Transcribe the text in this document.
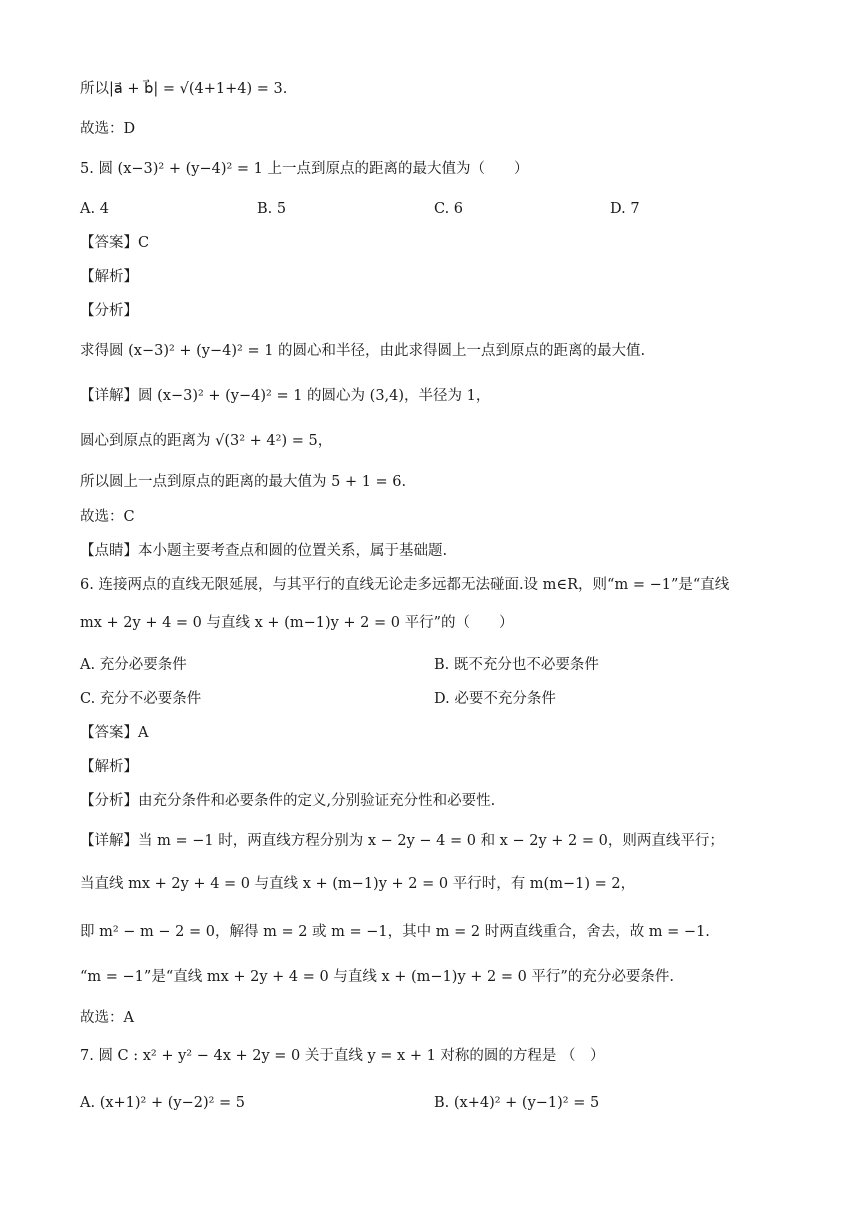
所以|a⃗ + b⃗| = √(4+1+4) = 3.
故选：D
5. 圆 (x−3)² + (y−4)² = 1 上一点到原点的距离的最大值为（　　）
【答案】C
【解析】
【分析】
求得圆 (x−3)² + (y−4)² = 1 的圆心和半径，由此求得圆上一点到原点的距离的最大值.
【详解】圆 (x−3)² + (y−4)² = 1 的圆心为 (3,4)，半径为 1，
圆心到原点的距离为 √(3² + 4²) = 5，
所以圆上一点到原点的距离的最大值为 5 + 1 = 6.
故选：C
【点睛】本小题主要考查点和圆的位置关系，属于基础题.
6. 连接两点的直线无限延展，与其平行的直线无论走多远都无法碰面.设 m∈R，则“m = −1”是“直线
mx + 2y + 4 = 0 与直线 x + (m−1)y + 2 = 0 平行”的（　　）
【答案】A
【解析】
【分析】由充分条件和必要条件的定义,分别验证充分性和必要性.
【详解】当 m = −1 时，两直线方程分别为 x − 2y − 4 = 0 和 x − 2y + 2 = 0，则两直线平行；
当直线 mx + 2y + 4 = 0 与直线 x + (m−1)y + 2 = 0 平行时，有 m(m−1) = 2，
即 m² − m − 2 = 0，解得 m = 2 或 m = −1，其中 m = 2 时两直线重合，舍去，故 m = −1.
“m = −1”是“直线 mx + 2y + 4 = 0 与直线 x + (m−1)y + 2 = 0 平行”的充分必要条件.
故选：A
7. 圆 C : x² + y² − 4x + 2y = 0 关于直线 y = x + 1 对称的圆的方程是 （　）
A. 4	B. 5	C. 6	D. 7
A. 充分必要条件	B. 既不充分也不必要条件
C. 充分不必要条件	D. 必要不充分条件
A. (x+1)² + (y−2)² = 5	B. (x+4)² + (y−1)² = 5
